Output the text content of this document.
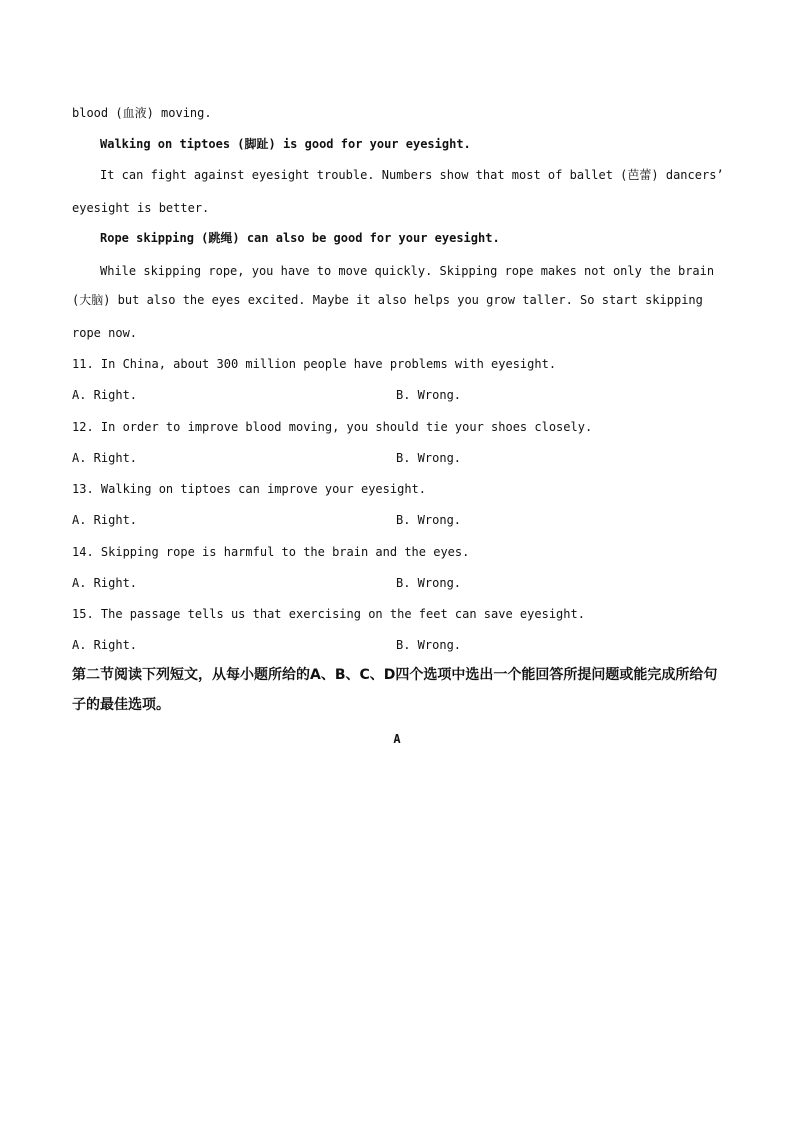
blood (血液) moving.
Walking on tiptoes (脚趾) is good for your eyesight.
It can fight against eyesight trouble. Numbers show that most of ballet (芭蕾) dancers’
eyesight is better.
Rope skipping (跳绳) can also be good for your eyesight.
While skipping rope, you have to move quickly. Skipping rope makes not only the brain
(大脑) but also the eyes excited. Maybe it also helps you grow taller. So start skipping
rope now.
11. In China, about 300 million people have problems with eyesight.
A. Right.	B. Wrong.
12. In order to improve blood moving, you should tie your shoes closely.
A. Right.	B. Wrong.
13. Walking on tiptoes can improve your eyesight.
A. Right.	B. Wrong.
14. Skipping rope is harmful to the brain and the eyes.
A. Right.	B. Wrong.
15. The passage tells us that exercising on the feet can save eyesight.
A. Right.	B. Wrong.
第二节阅读下列短文，从每小题所给的A、B、C、D四个选项中选出一个能回答所提问题或能完成所给句
子的最佳选项。
A
